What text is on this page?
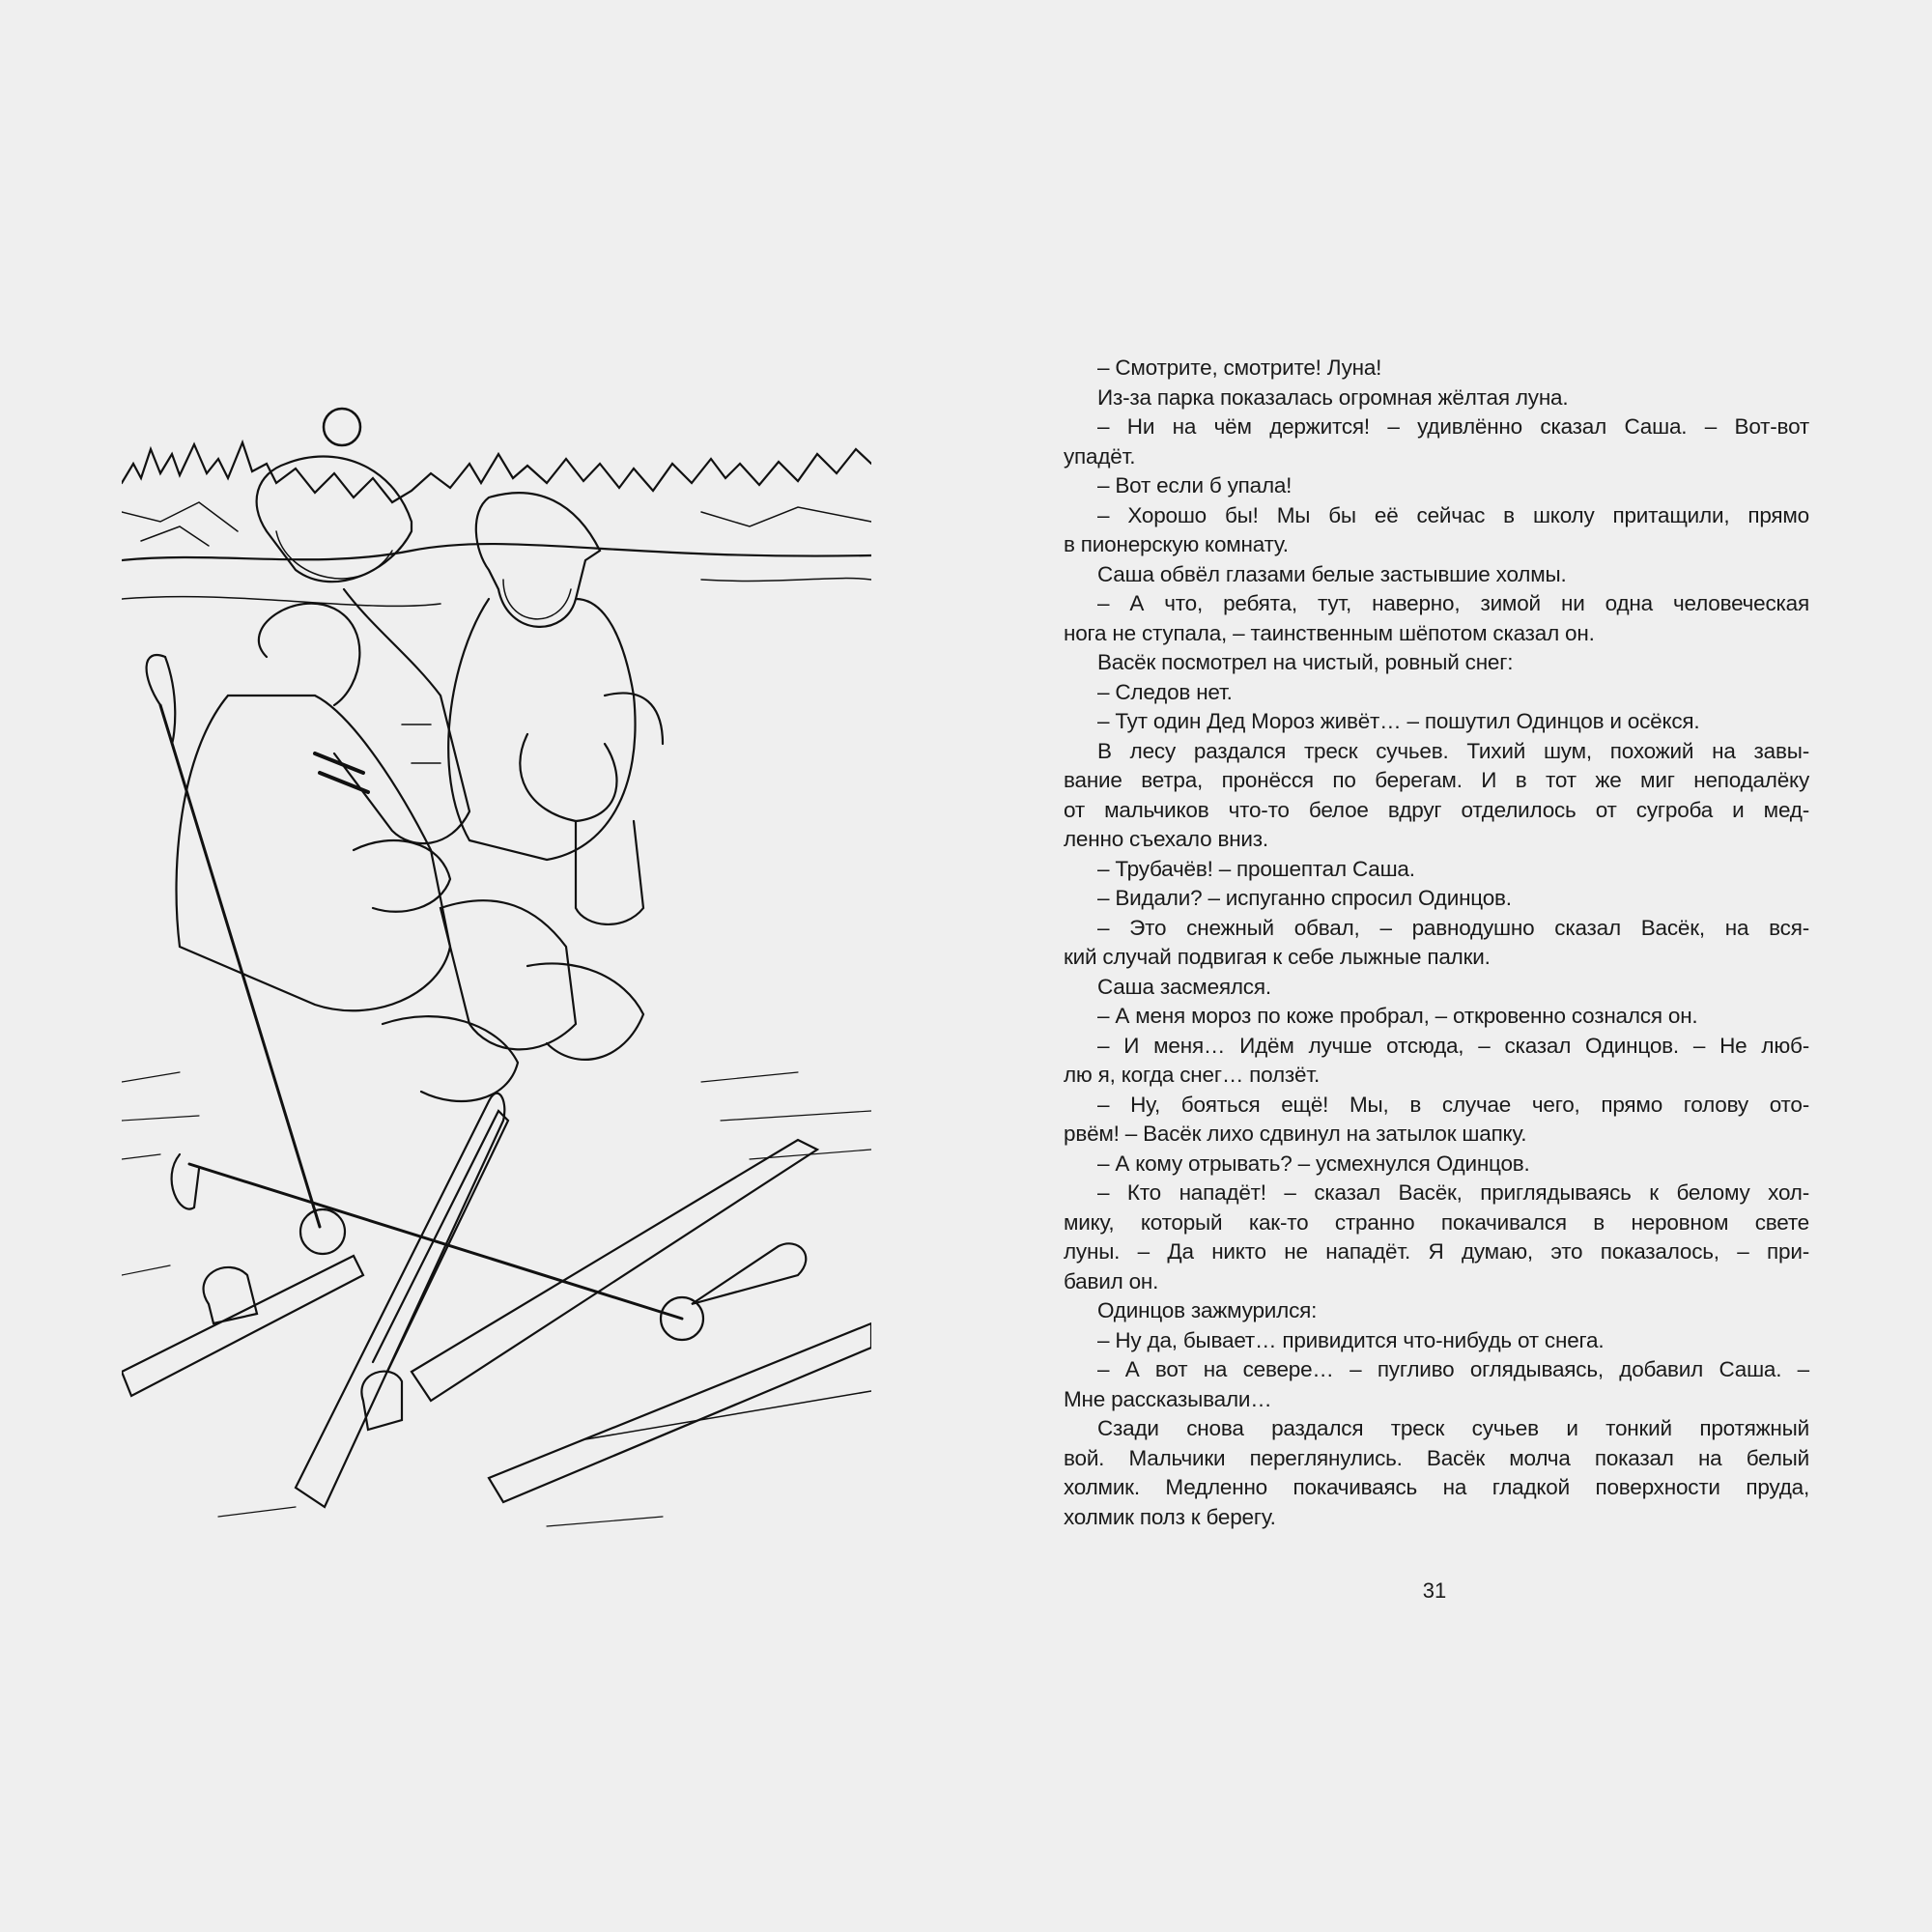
– Смотрите, смотрите! Луна!
Из-за парка показалась огромная жёлтая луна.
– Ни на чём держится! – удивлённо сказал Саша. – Вот-вот
упадёт.
– Вот если б упала!
– Хорошо бы! Мы бы её сейчас в школу притащили, прямо
в пионерскую комнату.
Саша обвёл глазами белые застывшие холмы.
– А что, ребята, тут, наверно, зимой ни одна человеческая
нога не ступала, – таинственным шёпотом сказал он.
Васёк посмотрел на чистый, ровный снег:
– Следов нет.
– Тут один Дед Мороз живёт… – пошутил Одинцов и осёкся.
В лесу раздался треск сучьев. Тихий шум, похожий на завы-
вание ветра, пронёсся по берегам. И в тот же миг неподалёку
от мальчиков что-то белое вдруг отделилось от сугроба и мед-
ленно съехало вниз.
– Трубачёв! – прошептал Саша.
– Видали? – испуганно спросил Одинцов.
– Это снежный обвал, – равнодушно сказал Васёк, на вся-
кий случай подвигая к себе лыжные палки.
Саша засмеялся.
– А меня мороз по коже пробрал, – откровенно сознался он.
– И меня… Идём лучше отсюда, – сказал Одинцов. – Не люб-
лю я, когда снег… ползёт.
– Ну, бояться ещё! Мы, в случае чего, прямо голову ото-
рвём! – Васёк лихо сдвинул на затылок шапку.
– А кому отрывать? – усмехнулся Одинцов.
– Кто нападёт! – сказал Васёк, приглядываясь к белому хол-
мику, который как-то странно покачивался в неровном свете
луны. – Да никто не нападёт. Я думаю, это показалось, – при-
бавил он.
Одинцов зажмурился:
– Ну да, бывает… привидится что-нибудь от снега.
– А вот на севере… – пугливо оглядываясь, добавил Саша. –
Мне рассказывали…
Сзади снова раздался треск сучьев и тонкий протяжный
вой. Мальчики переглянулись. Васёк молча показал на белый
холмик. Медленно покачиваясь на гладкой поверхности пруда,
холмик полз к берегу.
31
